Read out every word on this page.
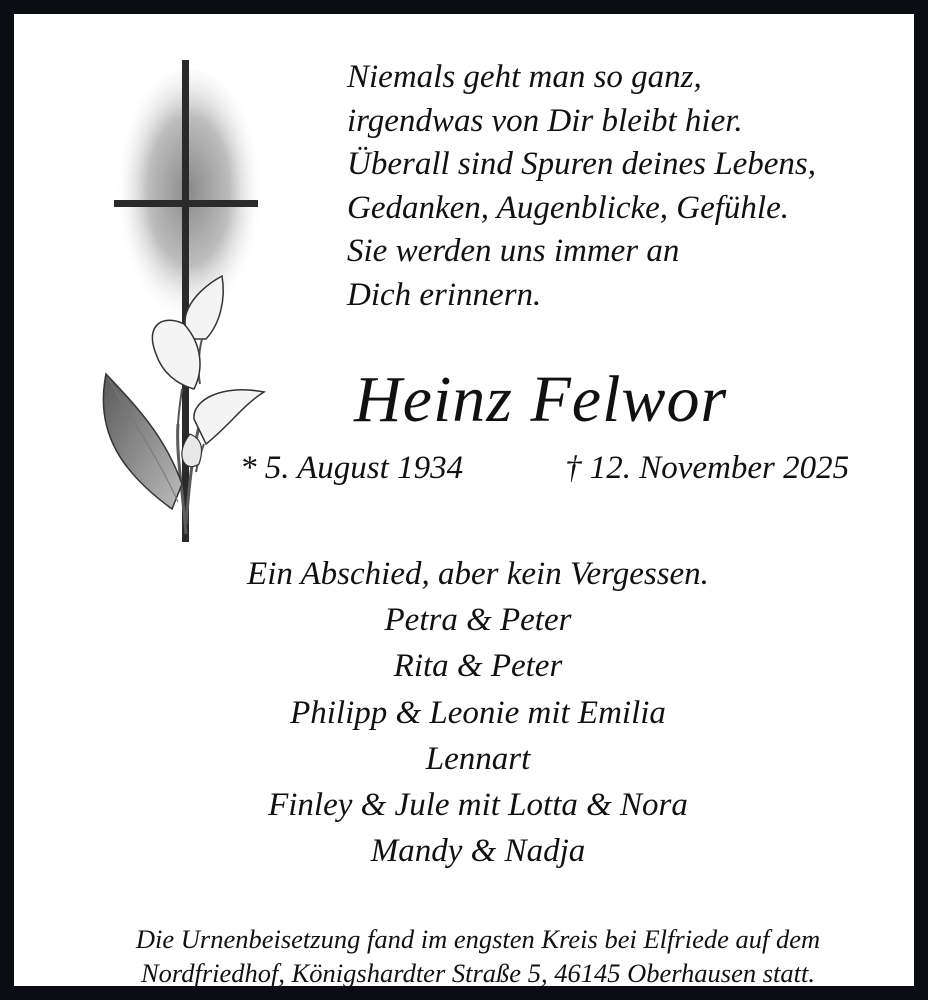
Niemals geht man so ganz,
irgendwas von Dir bleibt hier.
Überall sind Spuren deines Lebens,
Gedanken, Augenblicke, Gefühle.
Sie werden uns immer an
Dich erinnern.
Heinz Felwor
* 5. August 1934	† 12. November 2025
Ein Abschied, aber kein Vergessen.
Petra & Peter
Rita & Peter
Philipp & Leonie mit Emilia
Lennart
Finley & Jule mit Lotta & Nora
Mandy & Nadja
Die Urnenbeisetzung fand im engsten Kreis bei Elfriede auf dem
Nordfriedhof, Königshardter Straße 5, 46145 Oberhausen statt.
